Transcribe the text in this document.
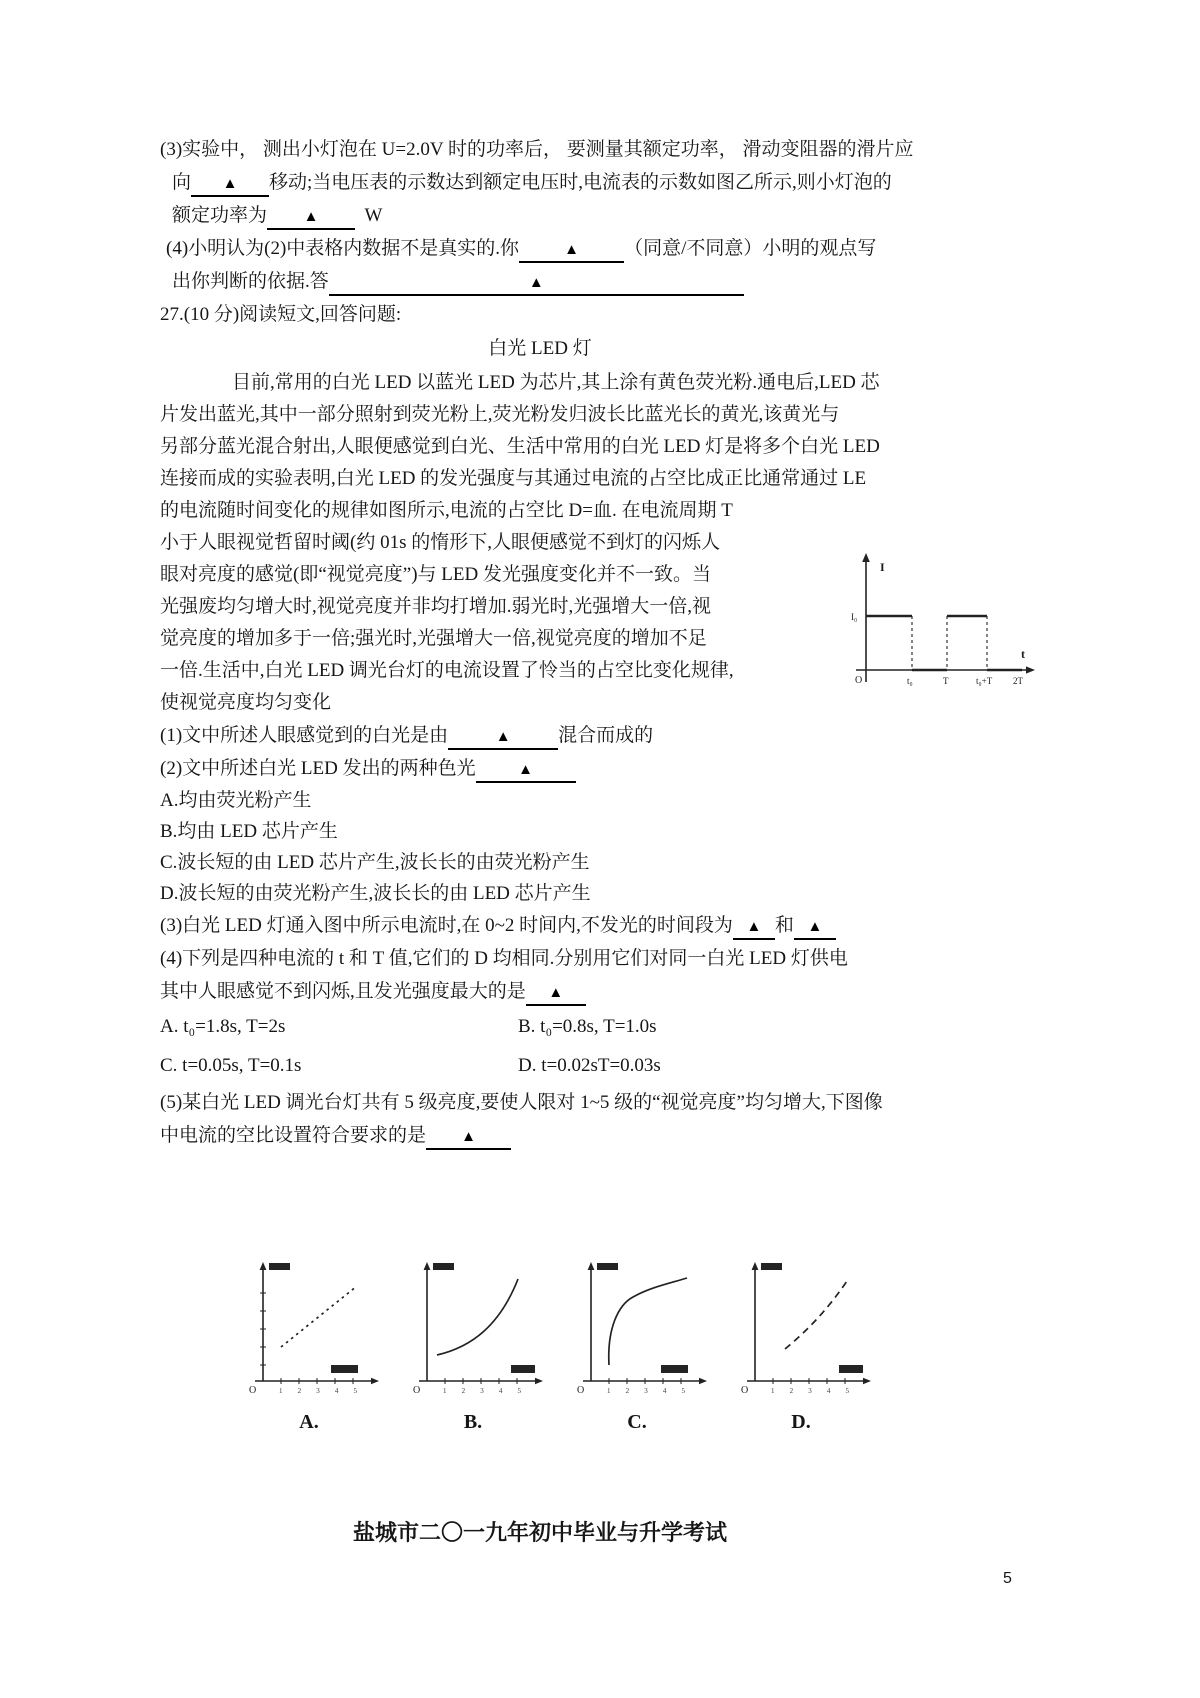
(3)实验中， 测出小灯泡在 U=2.0V 时的功率后， 要测量其额定功率， 滑动变阻器的滑片应
向 ▲ 移动;当电压表的示数达到额定电压时,电流表的示数如图乙所示,则小灯泡的
额定功率为 ▲ W
(4)小明认为(2)中表格内数据不是真实的.你	▲ （同意/不同意）小明的观点写
出你判断的依据.答	▲
27.(10 分)阅读短文,回答问题:
白光 LED 灯
目前,常用的白光 LED 以蓝光 LED 为芯片,其上涂有黄色荧光粉.通电后,LED 芯
片发出蓝光,其中一部分照射到荧光粉上,荧光粉发归波长比蓝光长的黄光,该黄光与
另部分蓝光混合射出,人眼便感觉到白光、生活中常用的白光 LED 灯是将多个白光 LED
连接而成的实验表明,白光 LED 的发光强度与其通过电流的占空比成正比通常通过 LE
的电流随时间变化的规律如图所示,电流的占空比 D=血. 在电流周期 T
小于人眼视觉哲留时阈(约 01s 的惰形下,人眼便感觉不到灯的闪烁人
眼对亮度的感觉(即“视觉亮度”)与 LED 发光强度变化并不一致。当
光强废均匀增大时,视觉亮度并非均打增加.弱光时,光强增大一倍,视
觉亮度的增加多于一倍;强光时,光强增大一倍,视觉亮度的增加不足
一倍.生活中,白光 LED 调光台灯的电流设置了怜当的占空比变化规律,
使视觉亮度均匀变化
I
I₀
t
O	t₀	T	t₀+T 2T
(1)文中所述人眼感觉到的白光是由	▲	混合而成的
(2)文中所述白光 LED 发出的两种色光	▲
A.均由荧光粉产生
B.均由 LED 芯片产生
C.波长短的由 LED 芯片产生,波长长的由荧光粉产生
D.波长短的由荧光粉产生,波长长的由 LED 芯片产生
(3)白光 LED 灯通入图中所示电流时,在 0~2 时间内,不发光的时间段为 ▲ 和 ▲
(4)下列是四种电流的 t 和 T 值,它们的 D 均相同.分别用它们对同一白光 LED 灯供电
其中人眼感觉不到闪烁,且发光强度最大的是 ▲
A. t₀=1.8s, T=2s	B. t₀=0.8s, T=1.0s
C. t=0.05s, T=0.1s	D. t=0.02sT=0.03s
(5)某白光 LED 调光台灯共有 5 级亮度,要使人限对 1~5 级的“视觉亮度”均匀增大,下图像
中电流的空比设置符合要求的是 ▲
O	1 2 3 4 5
A.
O	1 2 3 4 5
B.
O	1 2 3 4 5
C.
O	1 2 3 4 5
D.
盐城市二〇一九年初中毕业与升学考试
5
